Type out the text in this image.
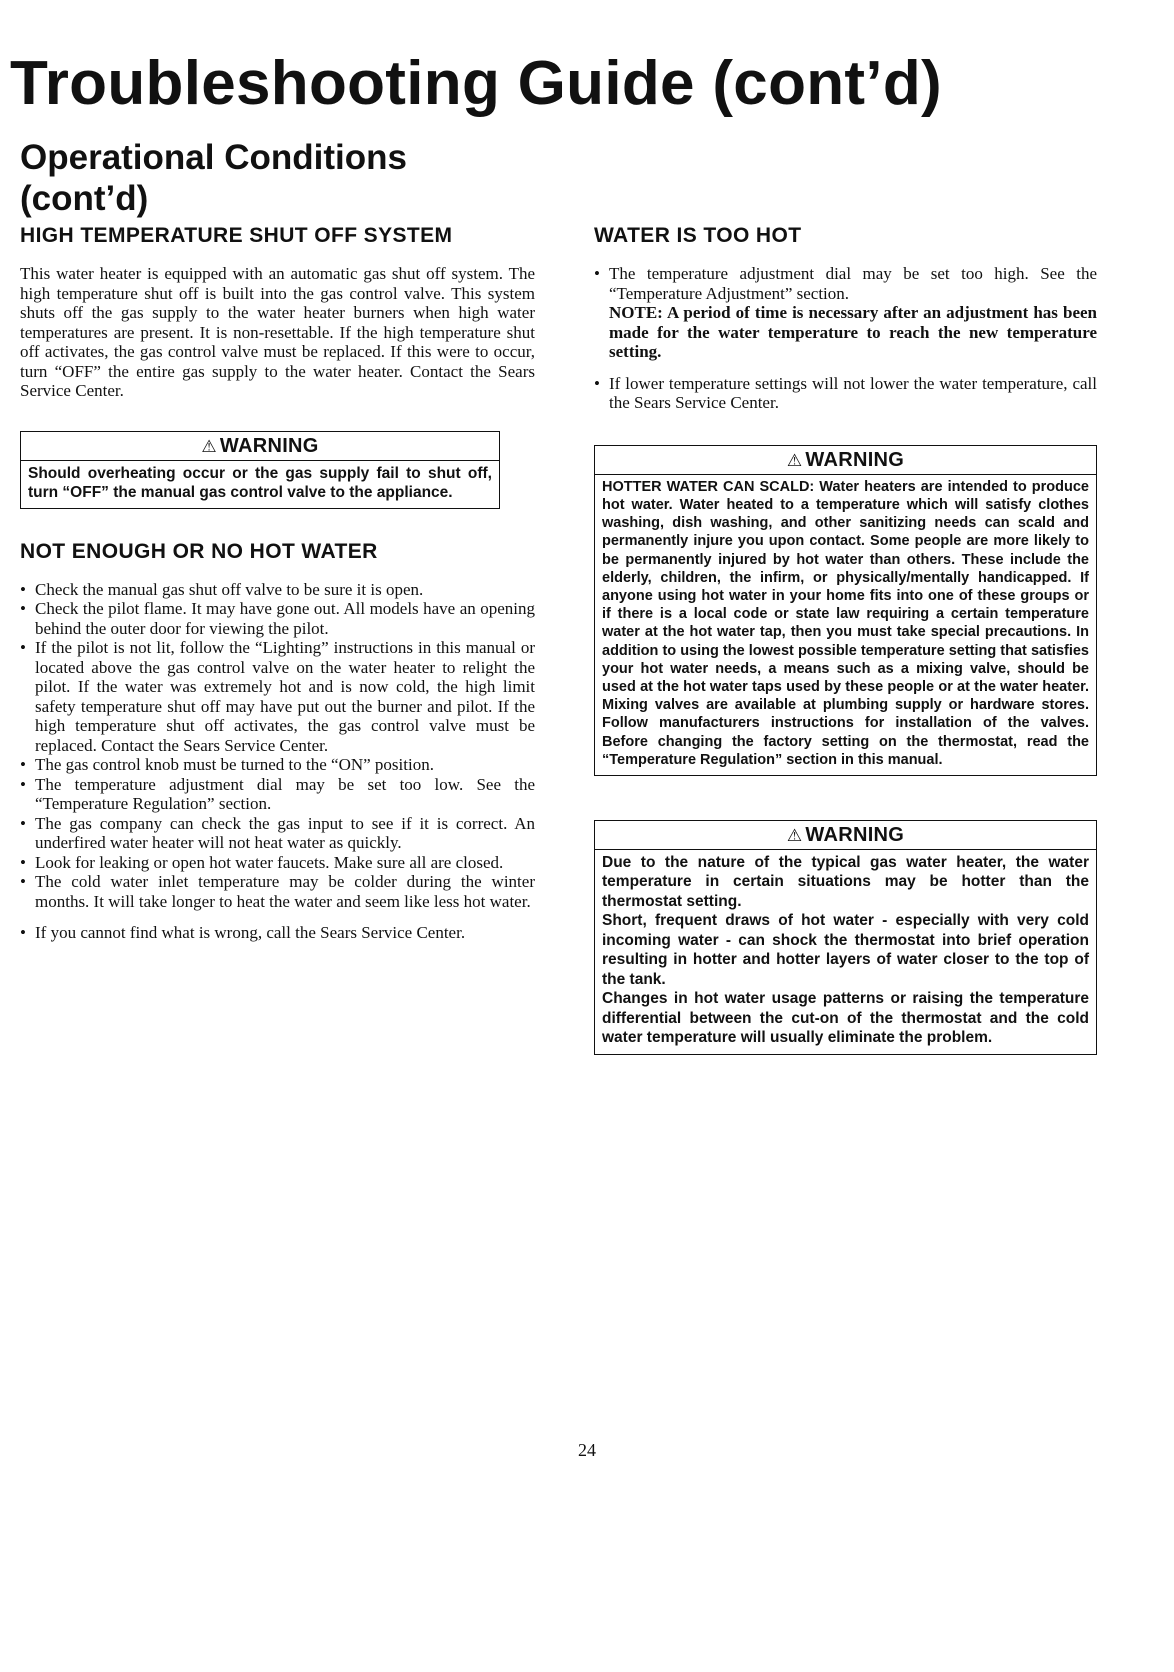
Troubleshooting Guide (cont’d)
Operational Conditions (cont’d)
HIGH TEMPERATURE SHUT OFF SYSTEM

This water heater is equipped with an automatic gas shut off system. The high temperature shut off is built into the gas control valve. This system shuts off the gas supply to the water heater burners when high water temperatures are present. It is non-resettable. If the high temperature shut off activates, the gas control valve must be replaced. If this were to occur, turn “OFF” the entire gas supply to the water heater. Contact the Sears Service Center.

⚠ WARNING

Should overheating occur or the gas supply fail to shut off, turn “OFF” the manual gas control valve to the appliance.

NOT ENOUGH OR NO HOT WATER
• Check the manual gas shut off valve to be sure it is open.
• Check the pilot flame. It may have gone out. All models have an opening behind the outer door for viewing the pilot.
• If the pilot is not lit, follow the “Lighting” instructions in this manual or located above the gas control valve on the water heater to relight the pilot. If the water was extremely hot and is now cold, the high limit safety temperature shut off may have put out the burner and pilot. If the high temperature shut off activates, the gas control valve must be replaced. Contact the Sears Service Center.
• The gas control knob must be turned to the “ON” position.
• The temperature adjustment dial may be set too low. See the “Temperature Regulation” section.
• The gas company can check the gas input to see if it is correct. An underfired water heater will not heat water as quickly.
• Look for leaking or open hot water faucets. Make sure all are closed.
• The cold water inlet temperature may be colder during the winter months. It will take longer to heat the water and seem like less hot water.
• If you cannot find what is wrong, call the Sears Service Center.
WATER IS TOO HOT
• The temperature adjustment dial may be set too high. See the “Temperature Adjustment” section.
NOTE: A period of time is necessary after an adjustment has been made for the water temperature to reach the new temperature setting.
• If lower temperature settings will not lower the water temperature, call the Sears Service Center.
⚠ WARNING

HOTTER WATER CAN SCALD: Water heaters are intended to produce hot water. Water heated to a temperature which will satisfy clothes washing, dish washing, and other sanitizing needs can scald and permanently injure you upon contact. Some people are more likely to be permanently injured by hot water than others. These include the elderly, children, the infirm, or physically/mentally handicapped. If anyone using hot water in your home fits into one of these groups or if there is a local code or state law requiring a certain temperature water at the hot water tap, then you must take special precautions. In addition to using the lowest possible temperature setting that satisfies your hot water needs, a means such as a mixing valve, should be used at the hot water taps used by these people or at the water heater. Mixing valves are available at plumbing supply or hardware stores. Follow manufacturers instructions for installation of the valves. Before changing the factory setting on the thermostat, read the “Temperature Regulation” section in this manual.

⚠ WARNING

Due to the nature of the typical gas water heater, the water temperature in certain situations may be hotter than the thermostat setting.

Short, frequent draws of hot water - especially with very cold incoming water - can shock the thermostat into brief operation resulting in hotter and hotter layers of water closer to the top of the tank.

Changes in hot water usage patterns or raising the temperature differential between the cut-on of the thermostat and the cold water temperature will usually eliminate the problem.

24
